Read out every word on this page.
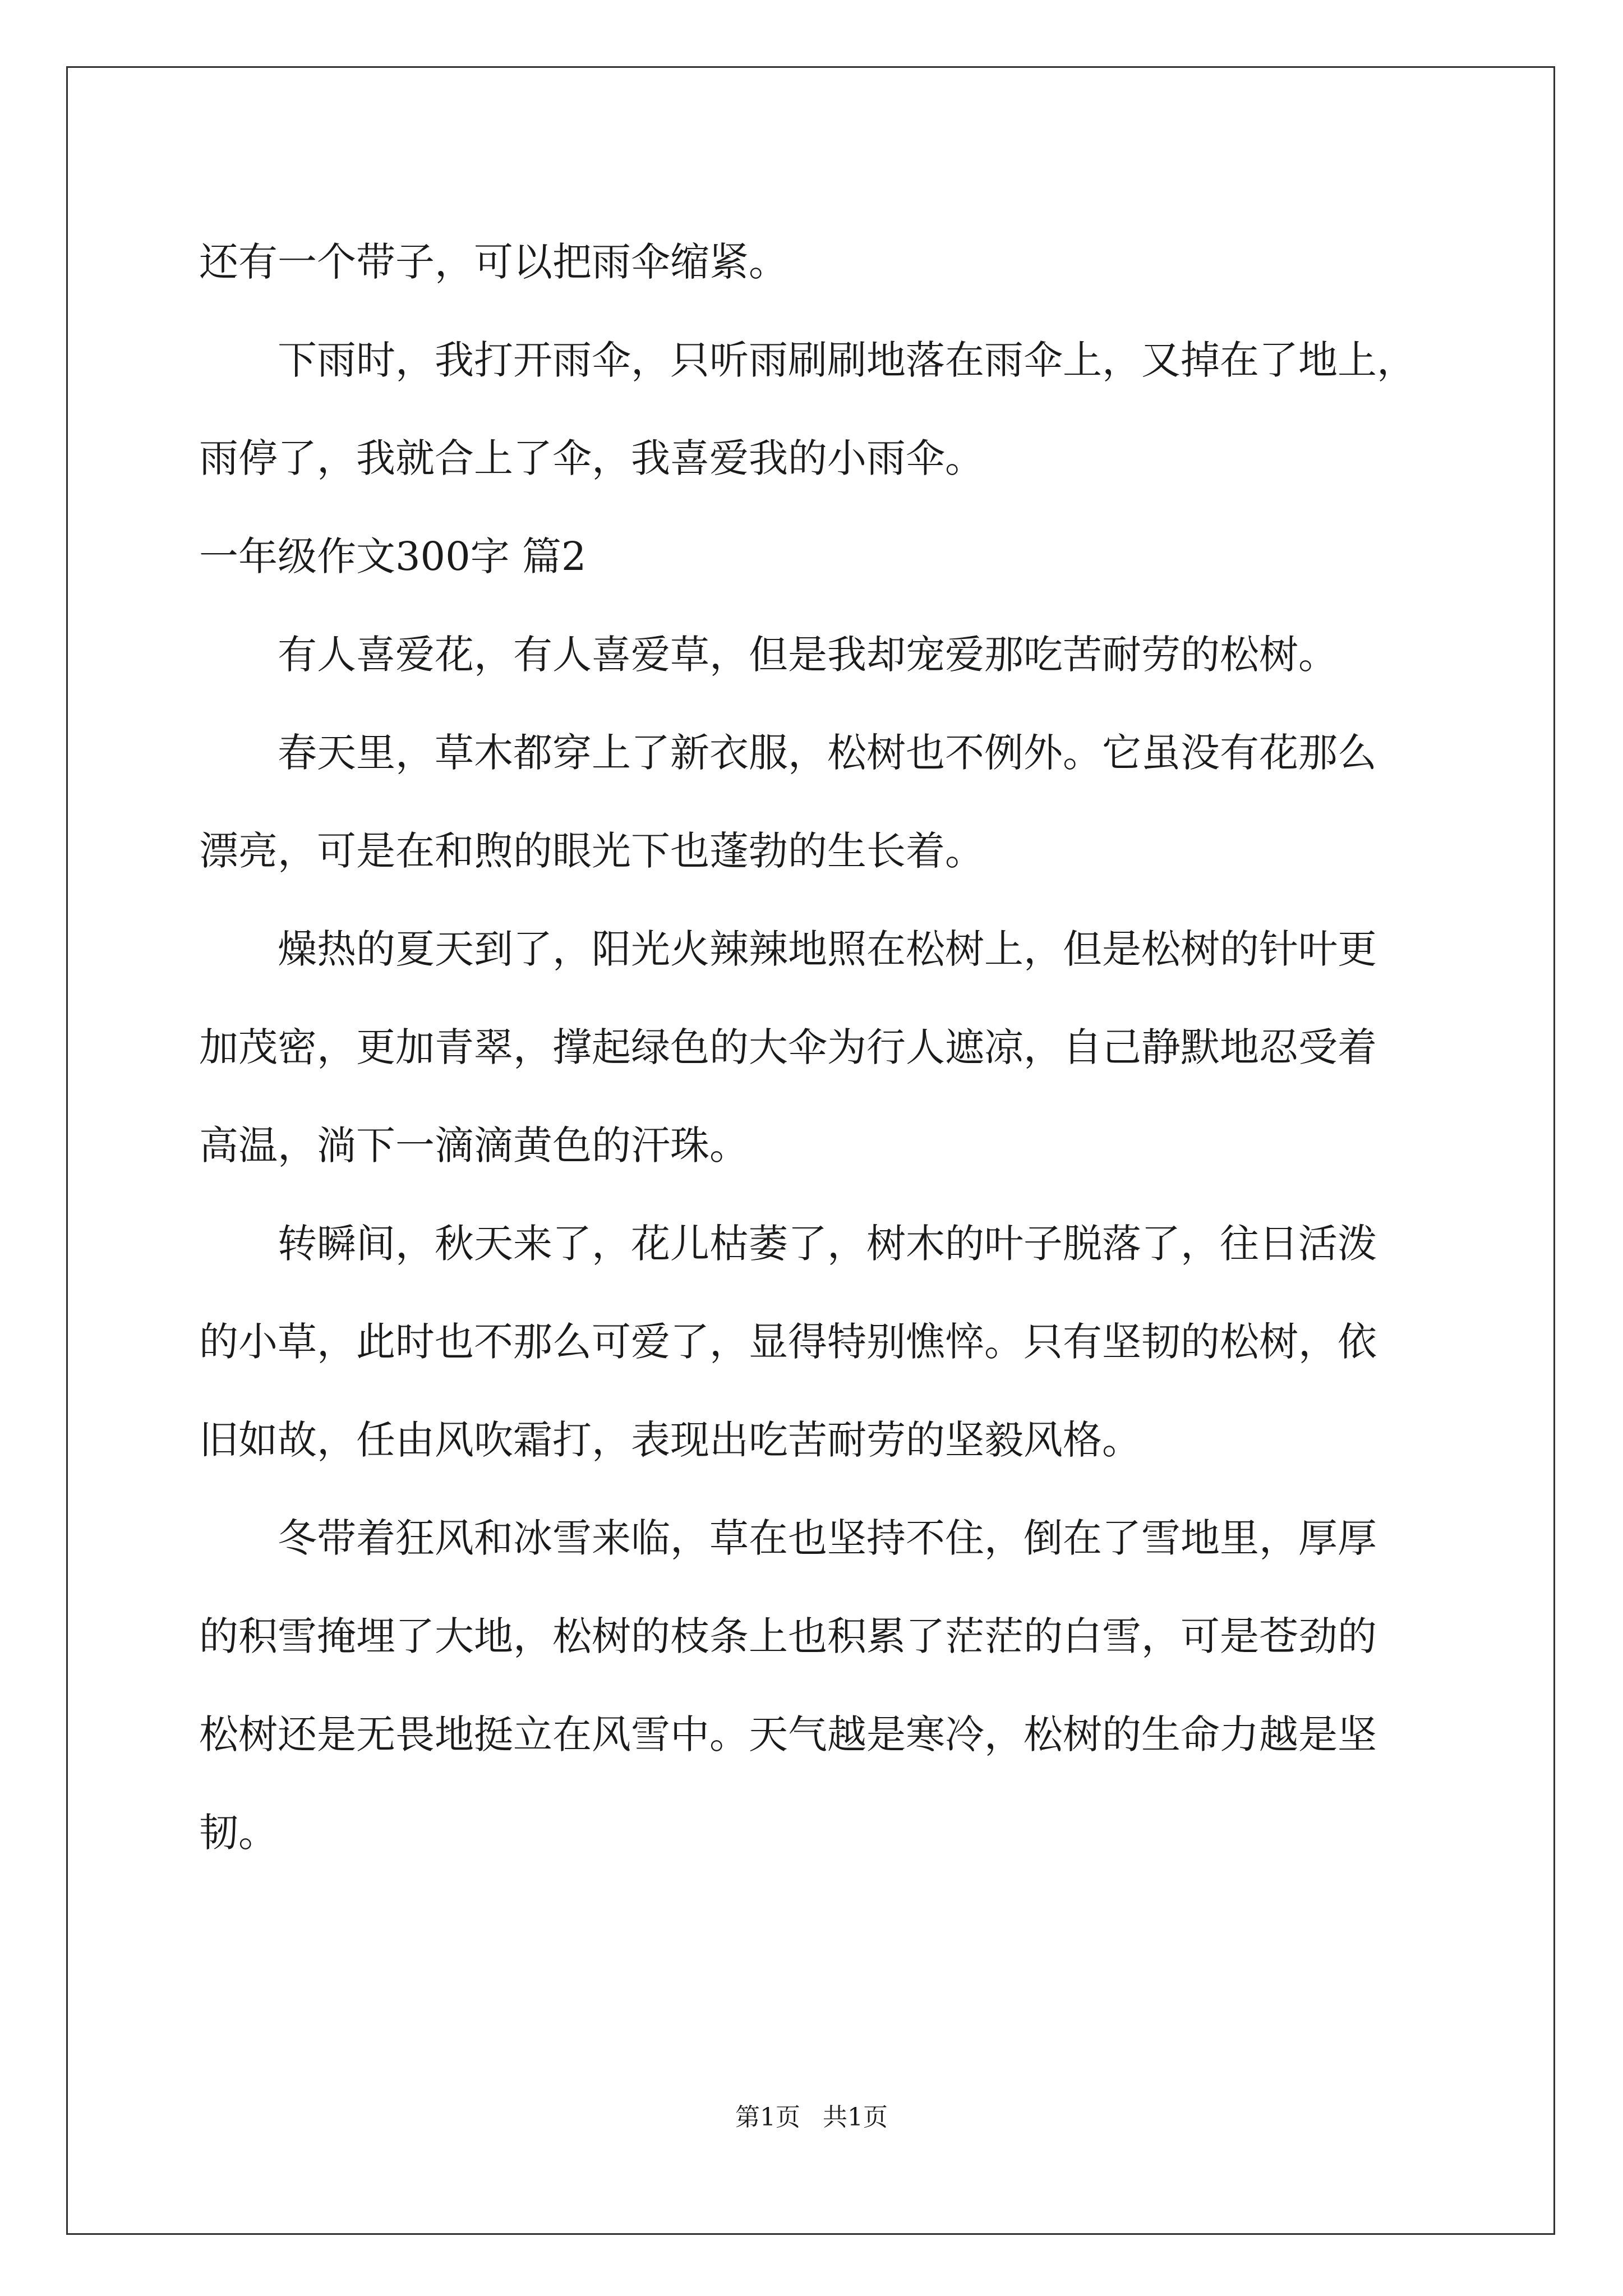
还有一个带子，可以把雨伞缩紧。

下雨时，我打开雨伞，只听雨刷刷地落在雨伞上，又掉在了地上，

雨停了，我就合上了伞，我喜爱我的小雨伞。

一年级作文300字 篇2

有人喜爱花，有人喜爱草，但是我却宠爱那吃苦耐劳的松树。

春天里，草木都穿上了新衣服，松树也不例外。它虽没有花那么

漂亮，可是在和煦的眼光下也蓬勃的生长着。

燥热的夏天到了，阳光火辣辣地照在松树上，但是松树的针叶更

加茂密，更加青翠，撑起绿色的大伞为行人遮凉，自己静默地忍受着

高温，淌下一滴滴黄色的汗珠。

转瞬间，秋天来了，花儿枯萎了，树木的叶子脱落了，往日活泼

的小草，此时也不那么可爱了，显得特别憔悴。只有坚韧的松树，依

旧如故，任由风吹霜打，表现出吃苦耐劳的坚毅风格。

冬带着狂风和冰雪来临，草在也坚持不住，倒在了雪地里，厚厚

的积雪掩埋了大地，松树的枝条上也积累了茫茫的白雪，可是苍劲的

松树还是无畏地挺立在风雪中。天气越是寒冷，松树的生命力越是坚

韧。

第1页 共1页
